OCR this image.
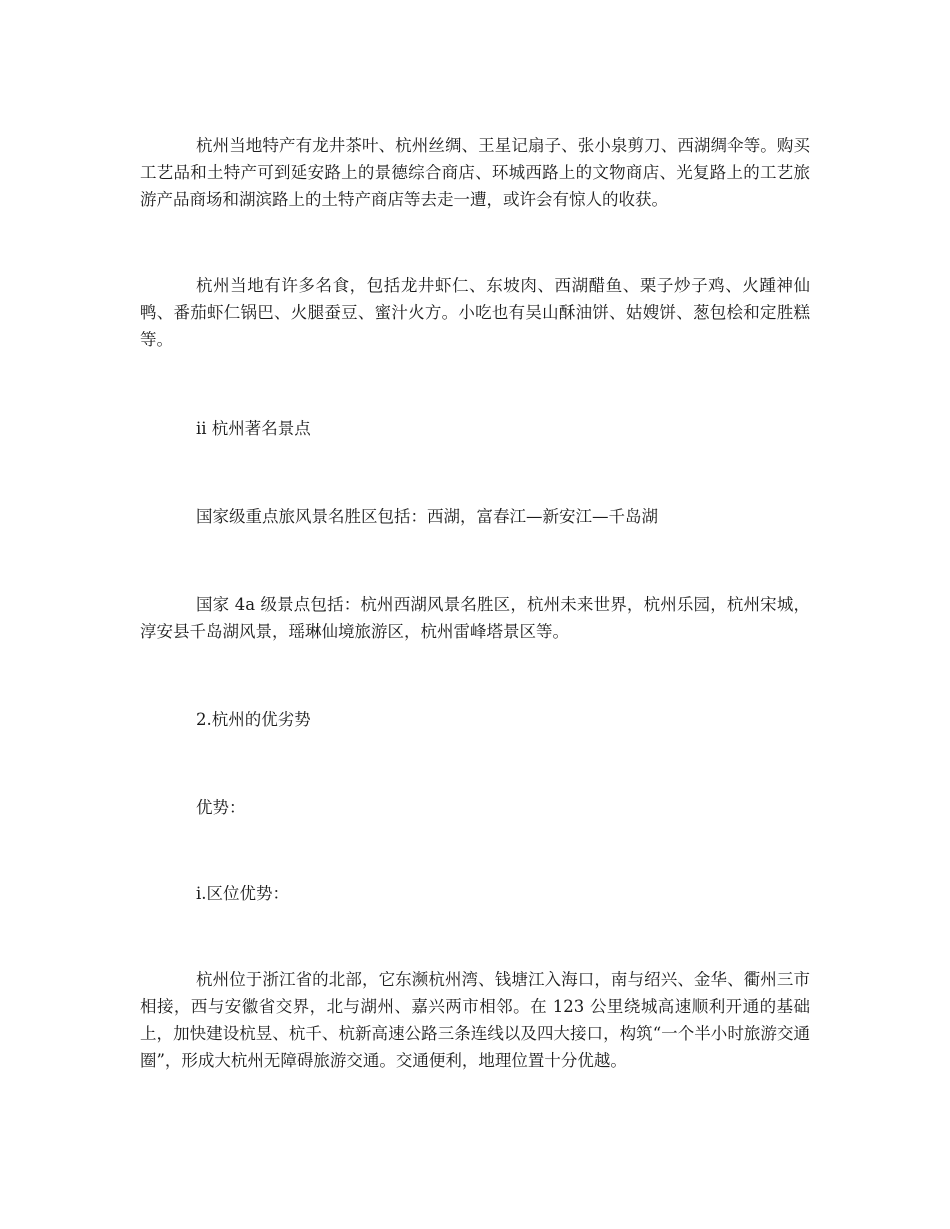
杭州当地特产有龙井茶叶、杭州丝绸、王星记扇子、张小泉剪刀、西湖绸伞等。购买工艺品和土特产可到延安路上的景德综合商店、环城西路上的文物商店、光复路上的工艺旅游产品商场和湖滨路上的土特产商店等去走一遭，或许会有惊人的收获。

杭州当地有许多名食，包括龙井虾仁、东坡肉、西湖醋鱼、栗子炒子鸡、火踵神仙鸭、番茄虾仁锅巴、火腿蚕豆、蜜汁火方。小吃也有吴山酥油饼、姑嫂饼、葱包桧和定胜糕等。

ii 杭州著名景点

国家级重点旅风景名胜区包括：西湖，富春江—新安江—千岛湖

国家 4a 级景点包括：杭州西湖风景名胜区，杭州未来世界，杭州乐园，杭州宋城，淳安县千岛湖风景，瑶琳仙境旅游区，杭州雷峰塔景区等。

2.杭州的优劣势

优势：

i.区位优势：

杭州位于浙江省的北部，它东濒杭州湾、钱塘江入海口，南与绍兴、金华、衢州三市相接，西与安徽省交界，北与湖州、嘉兴两市相邻。在 123 公里绕城高速顺利开通的基础上，加快建设杭昱、杭千、杭新高速公路三条连线以及四大接口，构筑“一个半小时旅游交通圈”，形成大杭州无障碍旅游交通。交通便利，地理位置十分优越。
